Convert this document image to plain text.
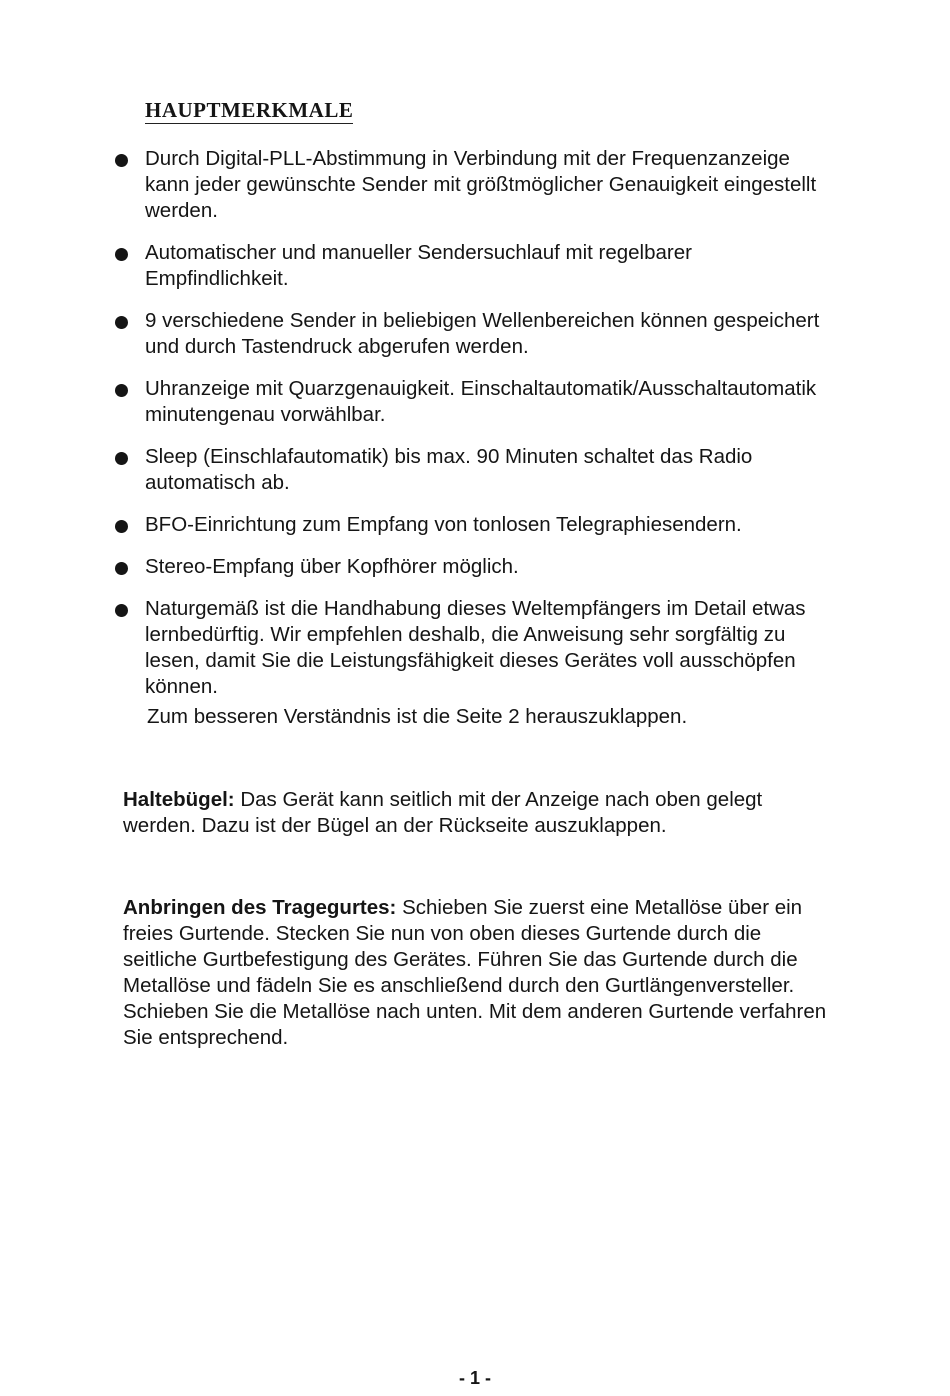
HAUPTMERKMALE
Durch Digital-PLL-Abstimmung in Verbindung mit der Frequenzanzeige kann jeder gewünschte Sender mit größtmöglicher Genauigkeit eingestellt werden.
Automatischer und manueller Sendersuchlauf mit regelbarer Empfindlichkeit.
9 verschiedene Sender in beliebigen Wellenbereichen können gespeichert und durch Tastendruck abgerufen werden.
Uhranzeige mit Quarzgenauigkeit. Einschaltautomatik/Ausschaltautomatik minutengenau vorwählbar.
Sleep (Einschlafautomatik) bis max. 90 Minuten schaltet das Radio automatisch ab.
BFO-Einrichtung zum Empfang von tonlosen Telegraphiesendern.
Stereo-Empfang über Kopfhörer möglich.
Naturgemäß ist die Handhabung dieses Weltempfängers im Detail etwas lernbedürftig. Wir empfehlen deshalb, die Anweisung sehr sorgfältig zu lesen, damit Sie die Leistungsfähigkeit dieses Gerätes voll ausschöpfen können.
Zum besseren Verständnis ist die Seite 2 herauszuklappen.
Haltebügel: Das Gerät kann seitlich mit der Anzeige nach oben gelegt werden. Dazu ist der Bügel an der Rückseite auszuklappen.
Anbringen des Tragegurtes: Schieben Sie zuerst eine Metallöse über ein freies Gurtende. Stecken Sie nun von oben dieses Gurtende durch die seitliche Gurtbefestigung des Gerätes. Führen Sie das Gurtende durch die Metallöse und fädeln Sie es anschließend durch den Gurtlängenversteller. Schieben Sie die Metallöse nach unten. Mit dem anderen Gurtende verfahren Sie entsprechend.
- 1 -
